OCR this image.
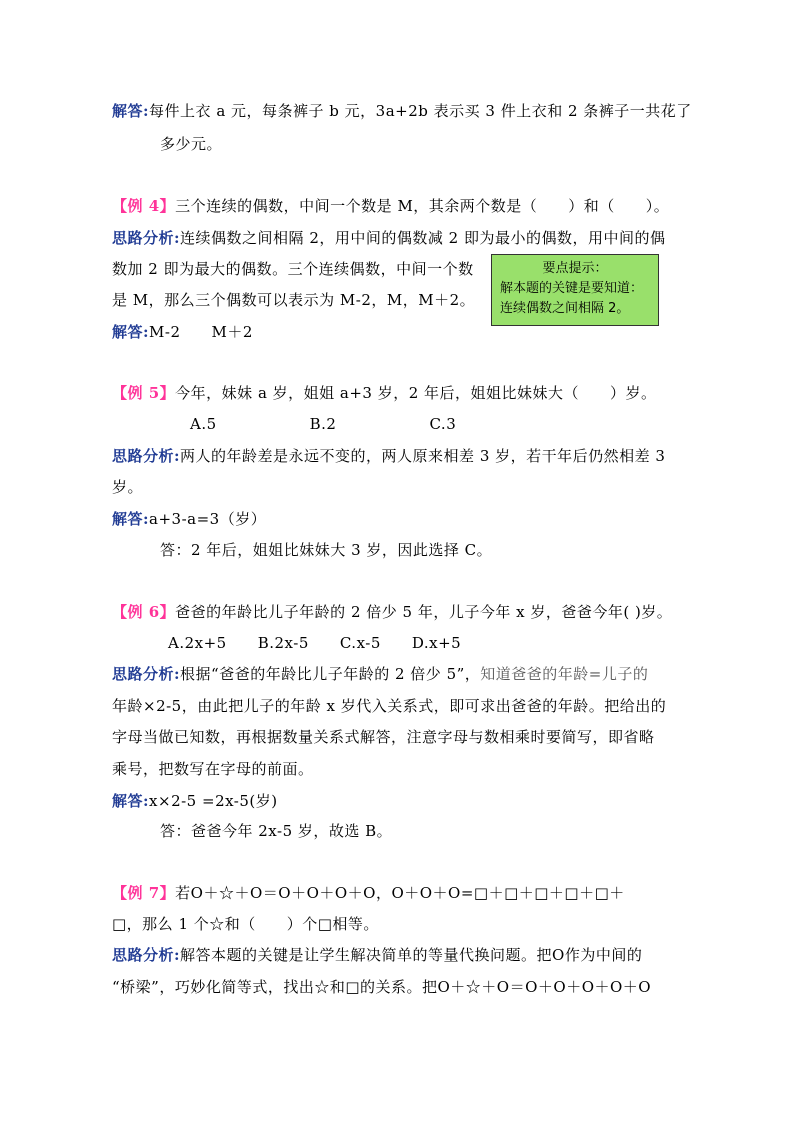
解答:每件上衣 a 元，每条裤子 b 元，3a+2b 表示买 3 件上衣和 2 条裤子一共花了
多少元。
【例 4】三个连续的偶数，中间一个数是 M，其余两个数是（　　）和（　　）。
思路分析:连续偶数之间相隔 2，用中间的偶数减 2 即为最小的偶数，用中间的偶
数加 2 即为最大的偶数。三个连续偶数，中间一个数
是 M，那么三个偶数可以表示为 M-2，M，M＋2。
解答:M-2　　M＋2
要点提示：
解本题的关键是要知道：
连续偶数之间相隔 2。
【例 5】今年，妹妹 a 岁，姐姐 a+3 岁，2 年后，姐姐比妹妹大（　　）岁。
A.5　　　　　　B.2　　　　　　C.3
思路分析:两人的年龄差是永远不变的，两人原来相差 3 岁，若干年后仍然相差 3
岁。
解答:a+3-a=3（岁）
答：2 年后，姐姐比妹妹大 3 岁，因此选择 C。
【例 6】爸爸的年龄比儿子年龄的 2 倍少 5 年，儿子今年 x 岁，爸爸今年( )岁。
A.2x+5　　B.2x-5　　C.x-5　　D.x+5
思路分析:根据“爸爸的年龄比儿子年龄的 2 倍少 5”，知道爸爸的年龄=儿子的
年龄×2-5，由此把儿子的年龄 x 岁代入关系式，即可求出爸爸的年龄。把给出的
字母当做已知数，再根据数量关系式解答，注意字母与数相乘时要简写，即省略
乘号，把数写在字母的前面。
解答:x×2-5 =2x-5(岁)
答：爸爸今年 2x-5 岁，故选 B。
【例 7】若O＋☆＋O＝O＋O＋O＋O，O＋O＋O=□＋□＋□＋□＋□＋
□，那么 1 个☆和（　　）个□相等。
思路分析:解答本题的关键是让学生解决简单的等量代换问题。把O作为中间的
“桥梁”，巧妙化简等式，找出☆和□的关系。把O＋☆＋O＝O＋O＋O＋O＋O
